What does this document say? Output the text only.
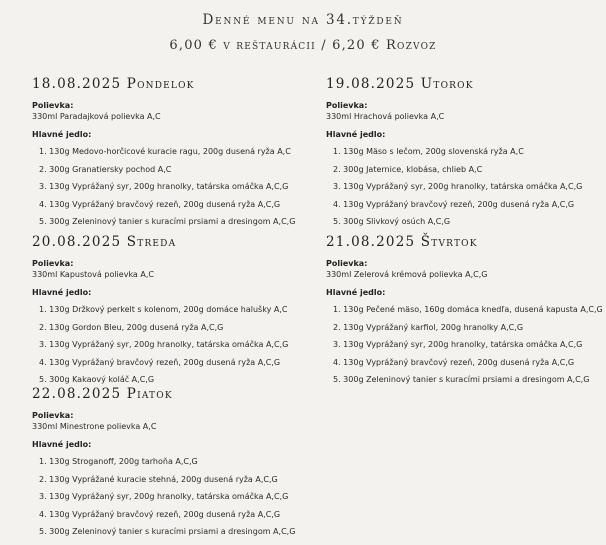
Denné menu na 34.týždeň
6,00 € v reštaurácii / 6,20 € Rozvoz
18.08.2025 Pondelok
Polievka:
330ml Paradajková polievka A,C
Hlavné jedlo:
1. 130g Medovo-horčicové kuracie ragu, 200g dusená ryža A,C
2. 300g Granatiersky pochod A,C
3. 130g Vyprážaný syr, 200g hranolky, tatárska omáčka A,C,G
4. 130g Vyprážaný bravčový rezeň, 200g dusená ryža A,C,G
5. 300g Zeleninový tanier s kuracími prsiami a dresingom A,C,G
19.08.2025 Utorok
Polievka:
330ml Hrachová polievka A,C
Hlavné jedlo:
1. 130g Mäso s lečom, 200g slovenská ryža A,C
2. 300g Jaternice, klobása, chlieb A,C
3. 130g Vyprážaný syr, 200g hranolky, tatárska omáčka A,C,G
4. 130g Vyprážaný bravčový rezeň, 200g dusená ryža A,C,G
5. 300g Slivkový osúch A,C,G
20.08.2025 Streda
Polievka:
330ml Kapustová polievka A,C
Hlavné jedlo:
1. 130g Držkový perkelt s kolenom, 200g domáce halušky A,C
2. 130g Gordon Bleu, 200g dusená ryža A,C,G
3. 130g Vyprážaný syr, 200g hranolky, tatárska omáčka A,C,G
4. 130g Vyprážaný bravčový rezeň, 200g dusená ryža A,C,G
5. 300g Kakaový koláč A,C,G
21.08.2025 Štvrtok
Polievka:
330ml Zelerová krémová polievka A,C,G
Hlavné jedlo:
1. 130g Pečené mäso, 160g domáca knedľa, dusená kapusta A,C,G
2. 130g Vyprážaný karfiol, 200g hranolky A,C,G
3. 130g Vyprážaný syr, 200g hranolky, tatárska omáčka A,C,G
4. 130g Vyprážaný bravčový rezeň, 200g dusená ryža A,C,G
5. 300g Zeleninový tanier s kuracími prsiami a dresingom A,C,G
22.08.2025 Piatok
Polievka:
330ml Minestrone polievka A,C
Hlavné jedlo:
1. 130g Stroganoff, 200g tarhoňa A,C,G
2. 130g Vyprážané kuracie stehná, 200g dusená ryža A,C,G
3. 130g Vyprážaný syr, 200g hranolky, tatárska omáčka A,C,G
4. 130g Vyprážaný bravčový rezeň, 200g dusená ryža A,C,G
5. 300g Zeleninový tanier s kuracími prsiami a dresingom A,C,G
